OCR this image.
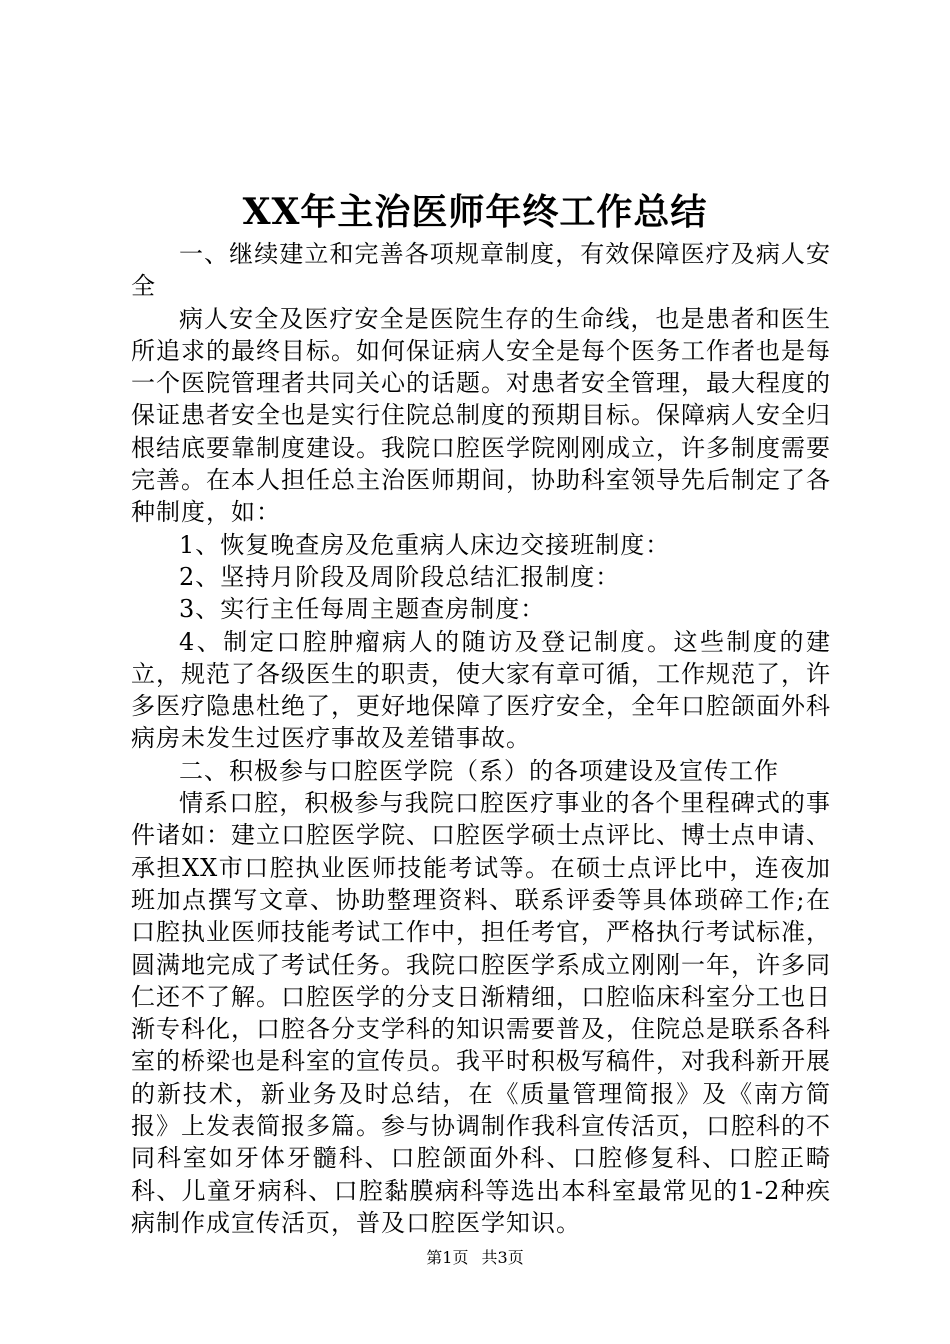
XX年主治医师年终工作总结

一、继续建立和完善各项规章制度，有效保障医疗及病人安全

病人安全及医疗安全是医院生存的生命线，也是患者和医生所追求的最终目标。如何保证病人安全是每个医务工作者也是每一个医院管理者共同关心的话题。对患者安全管理，最大程度的保证患者安全也是实行住院总制度的预期目标。保障病人安全归根结底要靠制度建设。我院口腔医学院刚刚成立，许多制度需要完善。在本人担任总主治医师期间，协助科室领导先后制定了各种制度，如：

1、恢复晚查房及危重病人床边交接班制度：

2、坚持月阶段及周阶段总结汇报制度：

3、实行主任每周主题查房制度：

4、制定口腔肿瘤病人的随访及登记制度。这些制度的建立，规范了各级医生的职责，使大家有章可循，工作规范了，许多医疗隐患杜绝了，更好地保障了医疗安全，全年口腔颌面外科病房未发生过医疗事故及差错事故。

二、积极参与口腔医学院（系）的各项建设及宣传工作

情系口腔，积极参与我院口腔医疗事业的各个里程碑式的事件诸如：建立口腔医学院、口腔医学硕士点评比、博士点申请、承担XX市口腔执业医师技能考试等。在硕士点评比中，连夜加班加点撰写文章、协助整理资料、联系评委等具体琐碎工作;在口腔执业医师技能考试工作中，担任考官，严格执行考试标准，圆满地完成了考试任务。我院口腔医学系成立刚刚一年，许多同仁还不了解。口腔医学的分支日渐精细，口腔临床科室分工也日渐专科化，口腔各分支学科的知识需要普及，住院总是联系各科室的桥梁也是科室的宣传员。我平时积极写稿件，对我科新开展的新技术，新业务及时总结，在《质量管理简报》及《南方简报》上发表简报多篇。参与协调制作我科宣传活页，口腔科的不同科室如牙体牙髓科、口腔颌面外科、口腔修复科、口腔正畸科、儿童牙病科、口腔黏膜病科等选出本科室最常见的1-2种疾病制作成宣传活页，普及口腔医学知识。

第1页 共3页
